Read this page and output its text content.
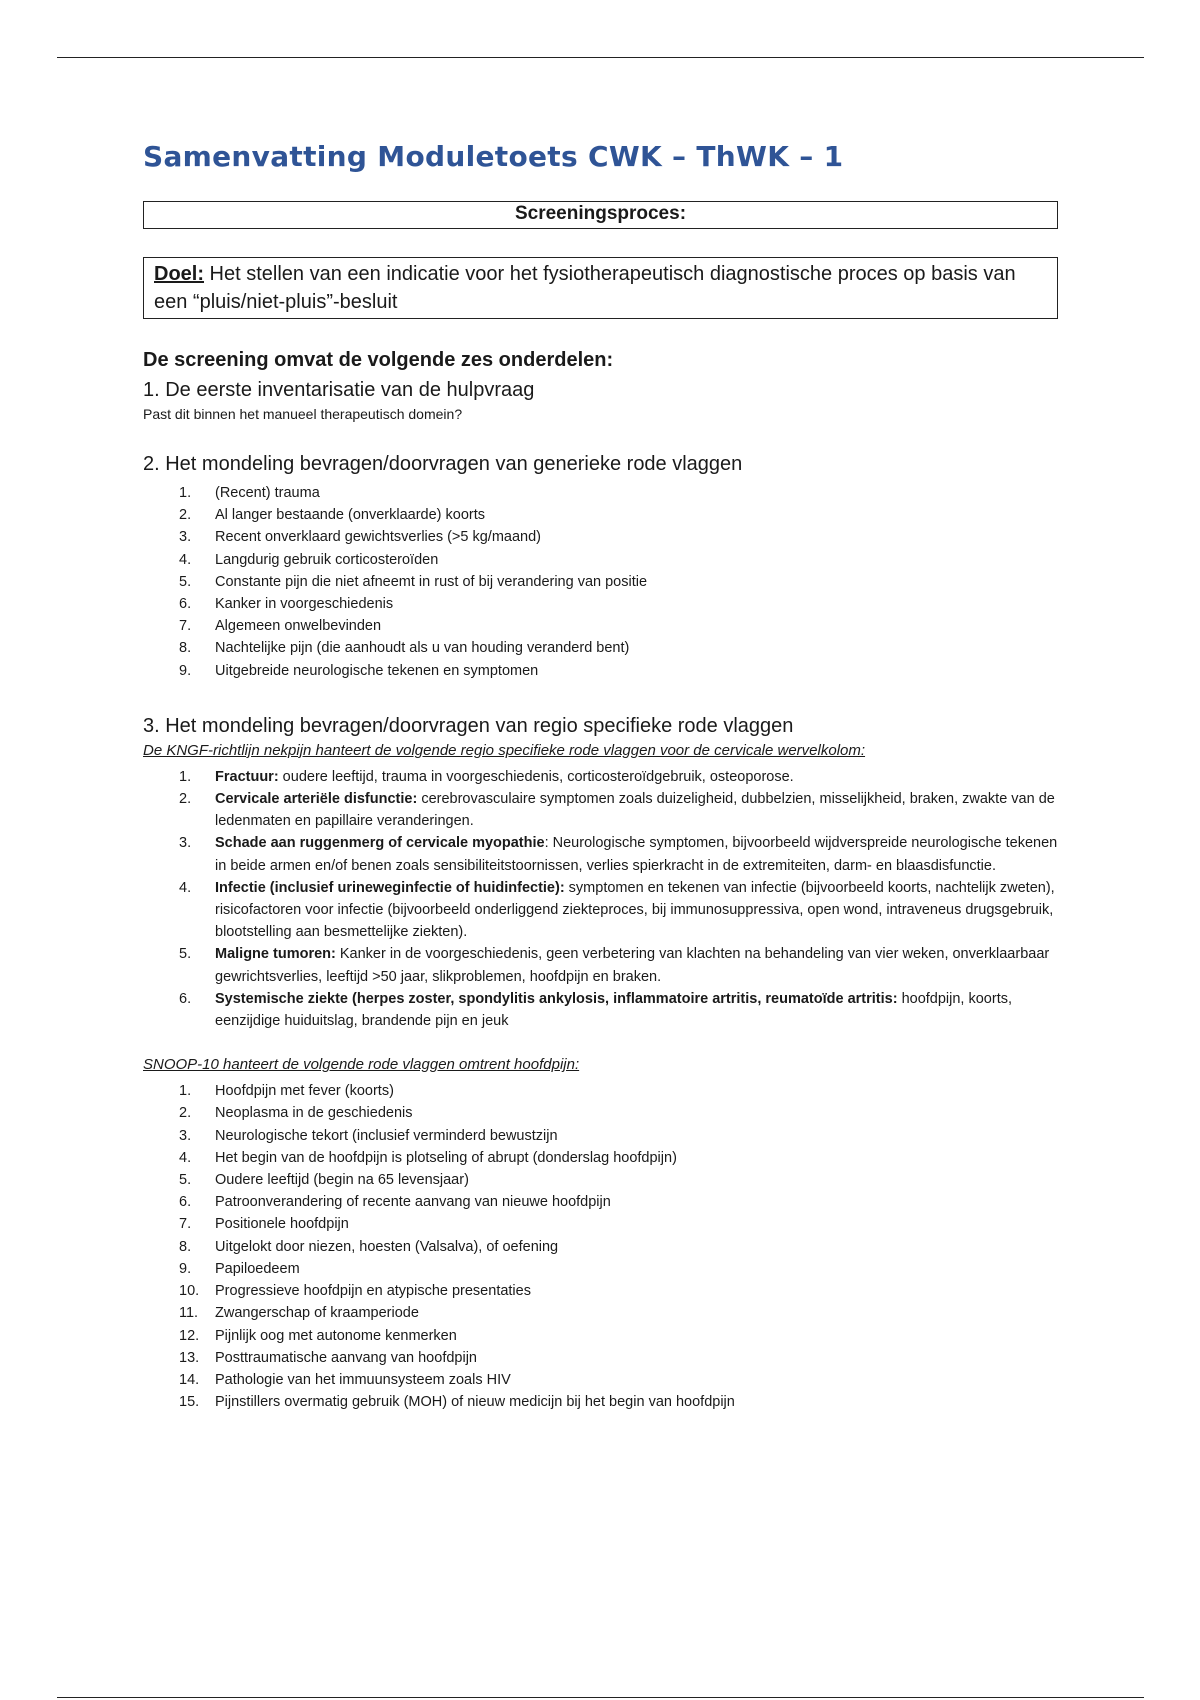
Samenvatting Moduletoets CWK – ThWK – 1
Screeningsproces:
Doel: Het stellen van een indicatie voor het fysiotherapeutisch diagnostische proces op basis van een “pluis/niet-pluis”-besluit

De screening omvat de volgende zes onderdelen:

1. De eerste inventarisatie van de hulpvraag

Past dit binnen het manueel therapeutisch domein?

2. Het mondeling bevragen/doorvragen van generieke rode vlaggen

1.	(Recent) trauma
2.	Al langer bestaande (onverklaarde) koorts
3.	Recent onverklaard gewichtsverlies (>5 kg/maand)
4.	Langdurig gebruik corticosteroïden
5.	Constante pijn die niet afneemt in rust of bij verandering van positie
6.	Kanker in voorgeschiedenis
7.	Algemeen onwelbevinden
8.	Nachtelijke pijn (die aanhoudt als u van houding veranderd bent)
9.	Uitgebreide neurologische tekenen en symptomen

3. Het mondeling bevragen/doorvragen van regio specifieke rode vlaggen

De KNGF-richtlijn nekpijn hanteert de volgende regio specifieke rode vlaggen voor de cervicale wervelkolom:

1.	Fractuur: oudere leeftijd, trauma in voorgeschiedenis, corticosteroïdgebruik, osteoporose.
2.	Cervicale arteriële disfunctie: cerebrovasculaire symptomen zoals duizeligheid, dubbelzien, misselijkheid, braken, zwakte van de ledenmaten en papillaire veranderingen.
3.	Schade aan ruggenmerg of cervicale myopathie: Neurologische symptomen, bijvoorbeeld wijdverspreide neurologische tekenen in beide armen en/of benen zoals sensibiliteitstoornissen, verlies spierkracht in de extremiteiten, darm- en blaasdisfunctie.
4.	Infectie (inclusief urineweginfectie of huidinfectie): symptomen en tekenen van infectie (bijvoorbeeld koorts, nachtelijk zweten), risicofactoren voor infectie (bijvoorbeeld onderliggend ziekteproces, bij immunosuppressiva, open wond, intraveneus drugsgebruik, blootstelling aan besmettelijke ziekten).
5.	Maligne tumoren: Kanker in de voorgeschiedenis, geen verbetering van klachten na behandeling van vier weken, onverklaarbaar gewrichtsverlies, leeftijd >50 jaar, slikproblemen, hoofdpijn en braken.
6.	Systemische ziekte (herpes zoster, spondylitis ankylosis, inflammatoire artritis, reumatoïde artritis: hoofdpijn, koorts, eenzijdige huiduitslag, brandende pijn en jeuk

SNOOP-10 hanteert de volgende rode vlaggen omtrent hoofdpijn:

1.	Hoofdpijn met fever (koorts)
2.	Neoplasma in de geschiedenis
3.	Neurologische tekort (inclusief verminderd bewustzijn
4.	Het begin van de hoofdpijn is plotseling of abrupt (donderslag hoofdpijn)
5.	Oudere leeftijd (begin na 65 levensjaar)
6.	Patroonverandering of recente aanvang van nieuwe hoofdpijn
7.	Positionele hoofdpijn
8.	Uitgelokt door niezen, hoesten (Valsalva), of oefening
9.	Papiloedeem
10.	Progressieve hoofdpijn en atypische presentaties
11.	Zwangerschap of kraamperiode
12.	Pijnlijk oog met autonome kenmerken
13.	Posttraumatische aanvang van hoofdpijn
14.	Pathologie van het immuunsysteem zoals HIV
15.	Pijnstillers overmatig gebruik (MOH) of nieuw medicijn bij het begin van hoofdpijn
